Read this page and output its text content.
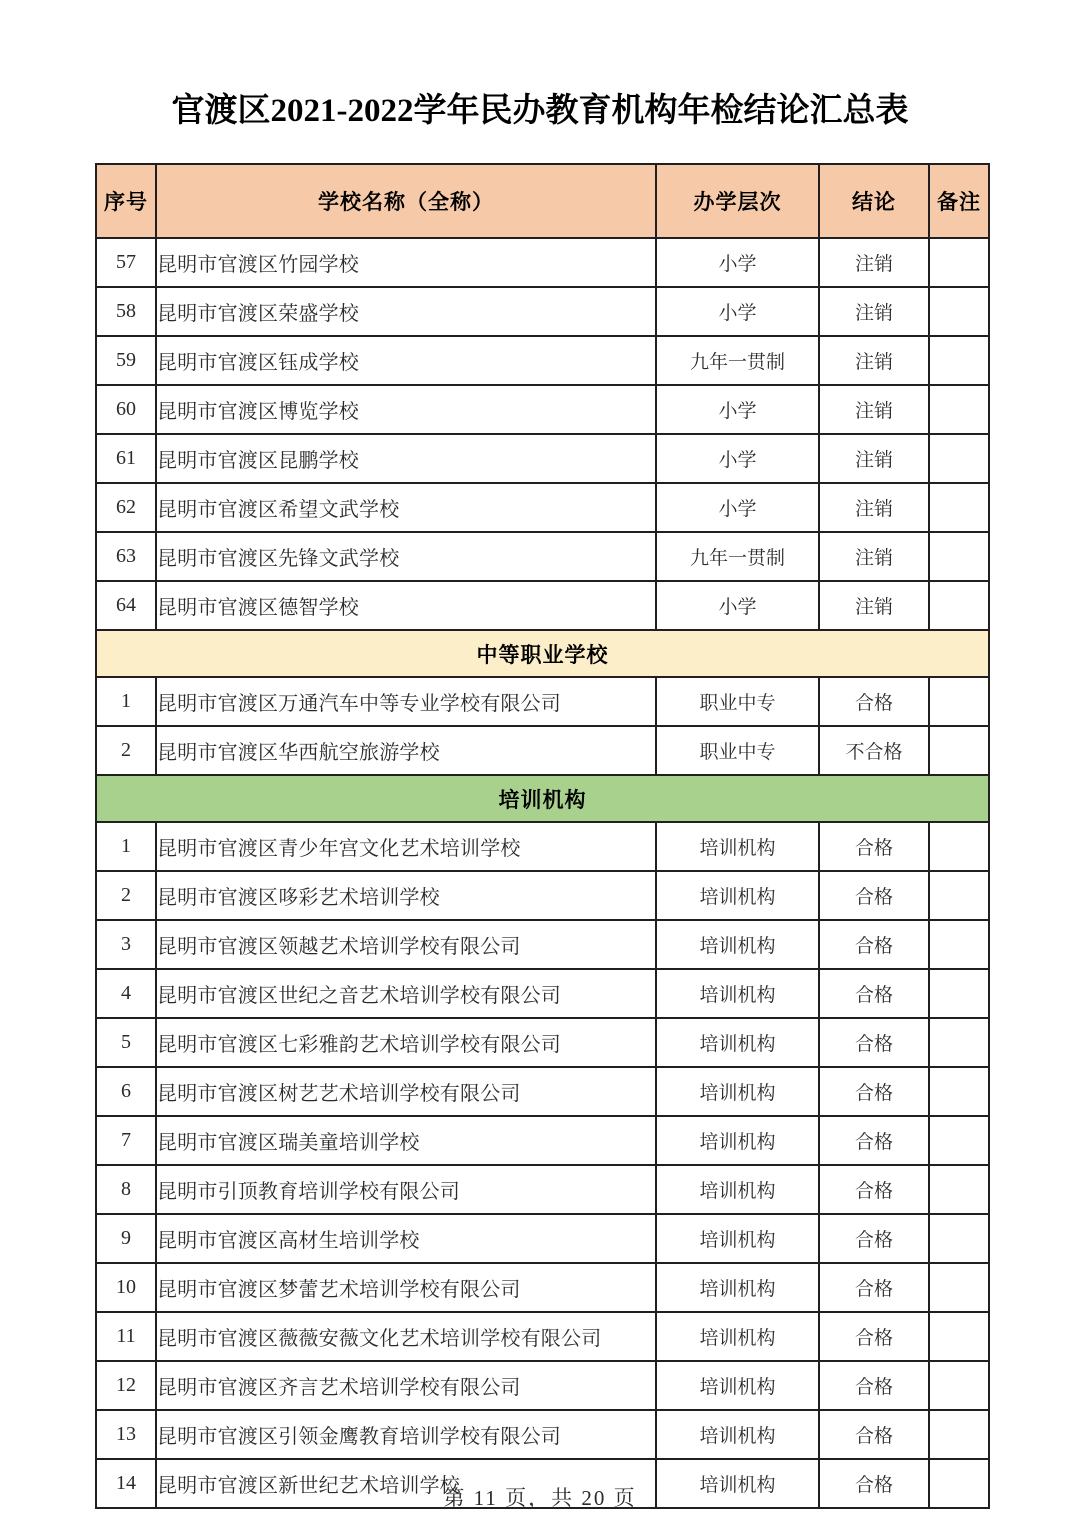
官渡区2021-2022学年民办教育机构年检结论汇总表
序号	学校名称（全称）	办学层次	结论	备注
57	昆明市官渡区竹园学校	小学	注销	
58	昆明市官渡区荣盛学校	小学	注销	
59	昆明市官渡区钰成学校	九年一贯制	注销	
60	昆明市官渡区博览学校	小学	注销	
61	昆明市官渡区昆鹏学校	小学	注销	
62	昆明市官渡区希望文武学校	小学	注销	
63	昆明市官渡区先锋文武学校	九年一贯制	注销	
64	昆明市官渡区德智学校	小学	注销	
中等职业学校				
1	昆明市官渡区万通汽车中等专业学校有限公司	职业中专	合格	
2	昆明市官渡区华西航空旅游学校	职业中专	不合格	
培训机构				
1	昆明市官渡区青少年宫文化艺术培训学校	培训机构	合格	
2	昆明市官渡区哆彩艺术培训学校	培训机构	合格	
3	昆明市官渡区领越艺术培训学校有限公司	培训机构	合格	
4	昆明市官渡区世纪之音艺术培训学校有限公司	培训机构	合格	
5	昆明市官渡区七彩雅韵艺术培训学校有限公司	培训机构	合格	
6	昆明市官渡区树艺艺术培训学校有限公司	培训机构	合格	
7	昆明市官渡区瑞美童培训学校	培训机构	合格	
8	昆明市引顶教育培训学校有限公司	培训机构	合格	
9	昆明市官渡区高材生培训学校	培训机构	合格	
10	昆明市官渡区梦蕾艺术培训学校有限公司	培训机构	合格	
11	昆明市官渡区薇薇安薇文化艺术培训学校有限公司	培训机构	合格	
12	昆明市官渡区齐言艺术培训学校有限公司	培训机构	合格	
13	昆明市官渡区引领金鹰教育培训学校有限公司	培训机构	合格	
14	昆明市官渡区新世纪艺术培训学校	培训机构	合格	
第 11 页，共 20 页
